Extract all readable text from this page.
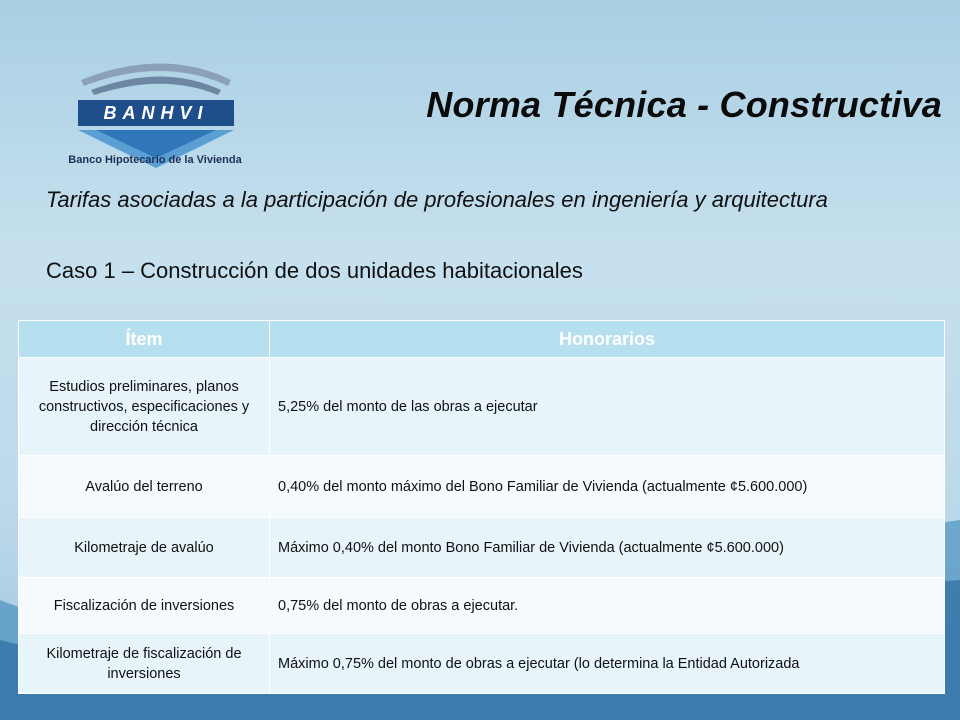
BANHVI
Banco Hipotecario de la Vivienda
Norma Técnica - Constructiva
Tarifas asociadas a la participación de profesionales en ingeniería y arquitectura
Caso 1 – Construcción de dos unidades habitacionales
Ítem	Honorarios
Estudios preliminares, planos constructivos, especificaciones y dirección técnica	5,25% del monto de las obras a ejecutar
Avalúo del terreno	0,40% del monto máximo del Bono Familiar de Vivienda (actualmente ¢5.600.000)
Kilometraje de avalúo	Máximo 0,40% del monto Bono Familiar de Vivienda (actualmente ¢5.600.000)
Fiscalización de inversiones	0,75% del monto de obras a ejecutar.
Kilometraje de fiscalización de inversiones	Máximo 0,75% del monto de obras a ejecutar (lo determina la Entidad Autorizada
